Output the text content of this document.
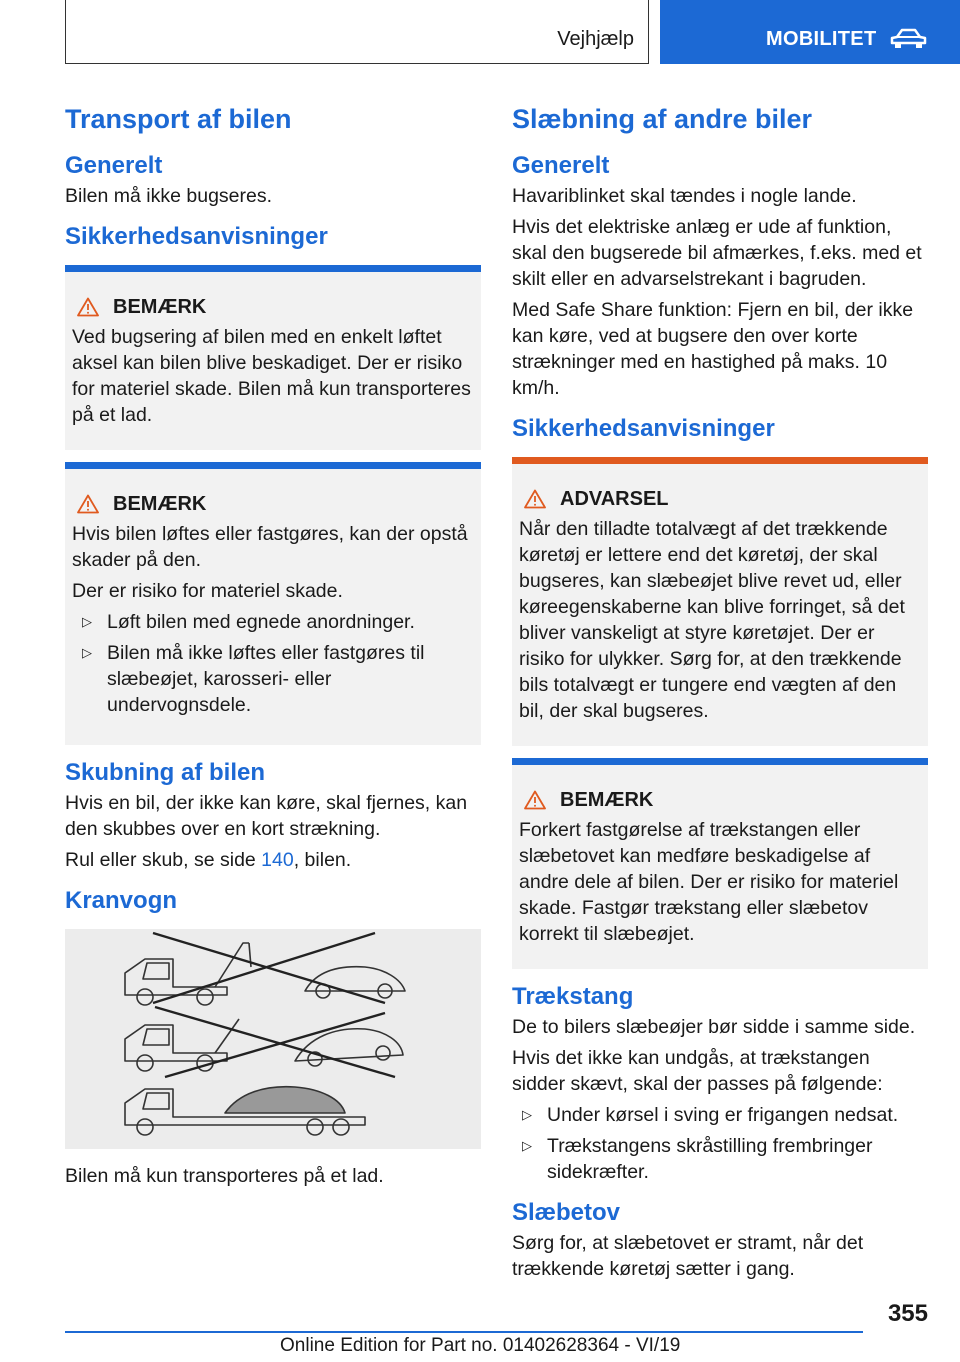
Vejhjælp	MOBILITET
Transport af bilen
Generelt

Bilen må ikke bugseres.

Sikkerhedsanvisninger
BEMÆRK

Ved bugsering af bilen med en enkelt løftet aksel kan bilen blive beskadiget. Der er risiko for materiel skade. Bilen må kun transporteres på et lad.

BEMÆRK

Hvis bilen løftes eller fastgøres, kan der opstå skader på den.

Der er risiko for materiel skade.

▷ Løft bilen med egnede anordninger.
▷ Bilen må ikke løftes eller fastgøres til slæbeøjet, karosseri- eller undervognsdele.
Skubning af bilen

Hvis en bil, der ikke kan køre, skal fjernes, kan den skubbes over en kort strækning.

Rul eller skub, se side 140, bilen.

Kranvogn

Bilen må kun transporteres på et lad.

Slæbning af andre biler
Generelt

Havariblinket skal tændes i nogle lande.

Hvis det elektriske anlæg er ude af funktion, skal den bugserede bil afmærkes, f.eks. med et skilt eller en advarselstrekant i bagruden.

Med Safe Share funktion: Fjern en bil, der ikke kan køre, ved at bugsere den over korte strækninger med en hastighed på maks. 10 km/h.

Sikkerhedsanvisninger
ADVARSEL

Når den tilladte totalvægt af det trækkende køretøj er lettere end det køretøj, der skal bugseres, kan slæbeøjet blive revet ud, eller køreegenskaberne kan blive forringet, så det bliver vanskeligt at styre køretøjet. Der er risiko for ulykker. Sørg for, at den trækkende bils totalvægt er tungere end vægten af den bil, der skal bugseres.

BEMÆRK

Forkert fastgørelse af trækstangen eller slæbetovet kan medføre beskadigelse af andre dele af bilen. Der er risiko for materiel skade. Fastgør trækstang eller slæbetov korrekt til slæbeøjet.

Trækstang

De to bilers slæbeøjer bør sidde i samme side.

Hvis det ikke kan undgås, at trækstangen sidder skævt, skal der passes på følgende:

▷ Under kørsel i sving er frigangen nedsat.
▷ Trækstangens skråstilling frembringer sidekræfter.
Slæbetov

Sørg for, at slæbetovet er stramt, når det trækkende køretøj sætter i gang.

355
Online Edition for Part no. 01402628364 - VI/19
